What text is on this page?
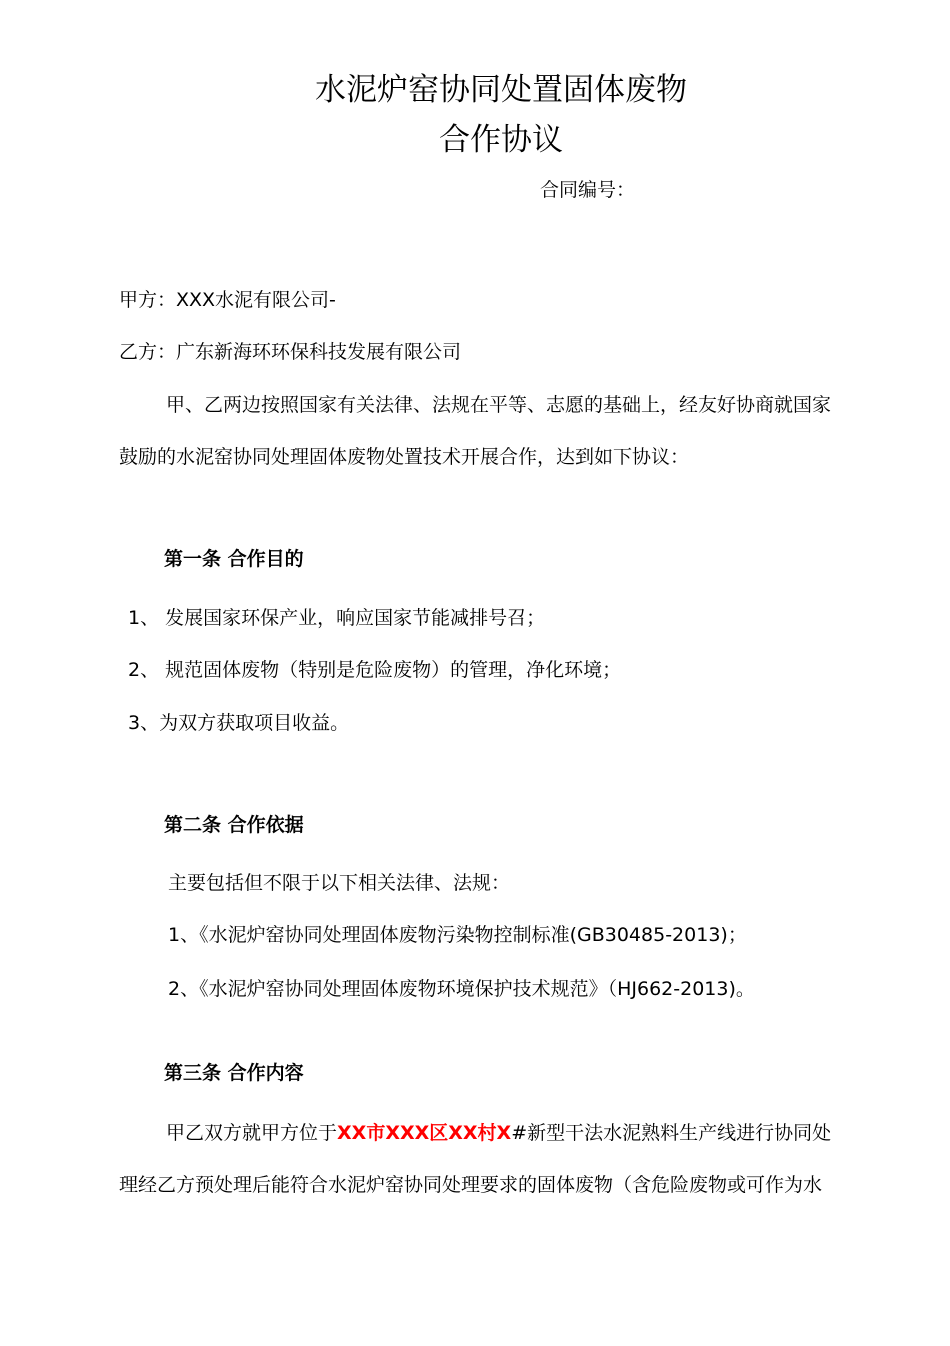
水泥炉窑协同处置固体废物
合作协议
合同编号：
甲方：XXX水泥有限公司-
乙方：广东新海环环保科技发展有限公司
甲、乙两边按照国家有关法律、法规在平等、志愿的基础上，经友好协商就国家
鼓励的水泥窑协同处理固体废物处置技术开展合作，达到如下协议：
第一条 合作目的
1、 发展国家环保产业，响应国家节能减排号召；
2、 规范固体废物（特别是危险废物）的管理，净化环境；
3、为双方获取项目收益。
第二条 合作依据
主要包括但不限于以下相关法律、法规：
1、《水泥炉窑协同处理固体废物污染物控制标准(GB30485-2013)；
2、《水泥炉窑协同处理固体废物环境保护技术规范》（HJ662-2013)。
第三条 合作内容
甲乙双方就甲方位于XX市XXX区XX村X#新型干法水泥熟料生产线进行协同处
理经乙方预处理后能符合水泥炉窑协同处理要求的固体废物（含危险废物或可作为水
